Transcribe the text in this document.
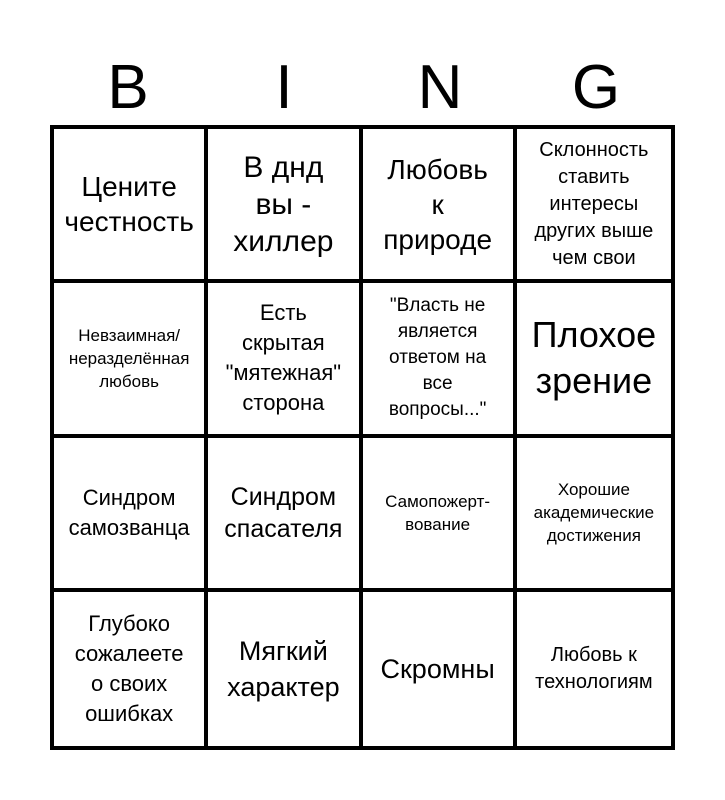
B	I	N	G
Цените
честность
В днд
вы -
хиллер
Любовь
к
природе
Склонность
ставить
интересы
других выше
чем свои
Невзаимная/
неразделённая
любовь
Есть
скрытая
"мятежная"
сторона
"Власть не
является
ответом на
все
вопросы..."
Плохое
зрение
Синдром
самозванца
Синдром
спасателя
Самопожерт-
вование
Хорошие
академические
достижения
Глубоко
сожалеете
о своих
ошибках
Мягкий
характер
Скромны	Любовь к
технологиям
